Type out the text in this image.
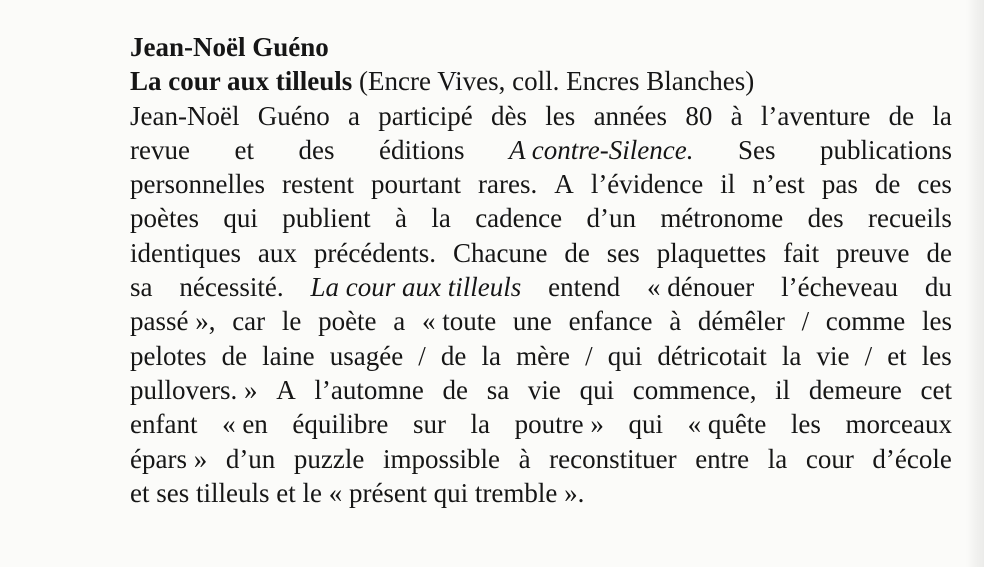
Jean-Noël Guéno
La cour aux tilleuls (Encre Vives, coll. Encres Blanches)
Jean-Noël Guéno a participé dès les années 80 à l’aventure de la
revue et des éditions A contre-Silence. Ses publications
personnelles restent pourtant rares. A l’évidence il n’est pas de ces
poètes qui publient à la cadence d’un métronome des recueils
identiques aux précédents. Chacune de ses plaquettes fait preuve de
sa nécessité. La cour aux tilleuls entend « dénouer l’écheveau du
passé », car le poète a « toute une enfance à démêler / comme les
pelotes de laine usagée / de la mère / qui détricotait la vie / et les
pullovers. » A l’automne de sa vie qui commence, il demeure cet
enfant « en équilibre sur la poutre » qui « quête les morceaux
épars » d’un puzzle impossible à reconstituer entre la cour d’école
et ses tilleuls et le « présent qui tremble ».
